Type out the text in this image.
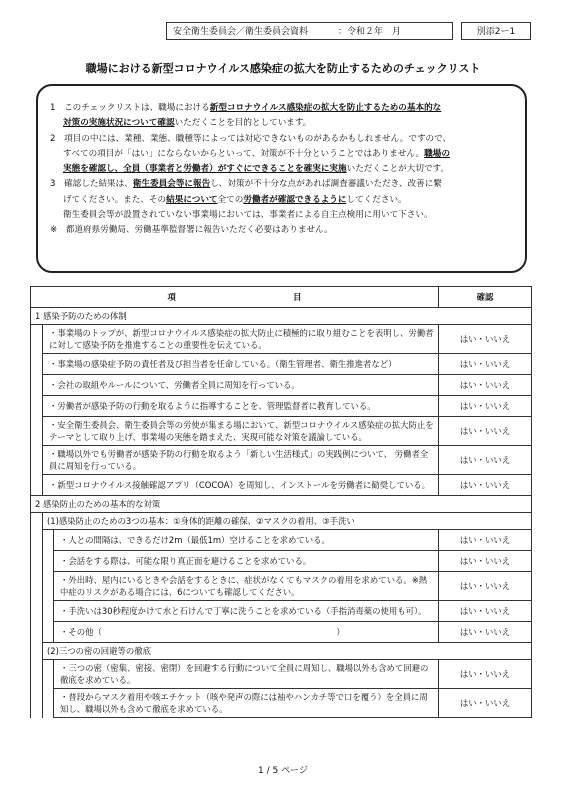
安全衛生委員会／衛生委員会資料	：令和２年　月	別添2ー1
職場における新型コロナウイルス感染症の拡大を防止するためのチェックリスト

1　 このチェックリストは、職場における新型コロナウイルス感染症の拡大を防止するための基本的な

対策の実施状況について確認いただくことを目的としています。

2　 項目の中には、業種、業態、職種等によっては対応できないものがあるかもしれません。ですので、

すべての項目が「はい」にならないからといって、対策が不十分ということではありません。職場の

実態を確認し、全員（事業者と労働者）がすぐにできることを確実に実施いただくことが大切です。

3　 確認した結果は、衛生委員会等に報告し、対策が不十分な点があれば調査審議いただき、改善に繋

げてください。また、その結果について全ての労働者が確認できるようにしてください。

衛生委員会等が設置されていない事業場においては、事業者による自主点検用に用いて下さい。

※　 都道府県労働局、労働基準監督署に報告いただく必要はありません。

項　　　　　　　　　　　　　　目			確認
1 感染予防のための体制			
	・事業場のトップが、新型コロナウイルス感染症の拡大防止に積極的に取り組むことを表明し、労働者に対して感染予防を推進することの重要性を伝えている。		はい・いいえ
	・事業場の感染症予防の責任者及び担当者を任命している。（衛生管理者、衛生推進者など）		はい・いいえ
	・会社の取組やルールについて、労働者全員に周知を行っている。		はい・いいえ
	・労働者が感染予防の行動を取るように指導することを、管理監督者に教育している。		はい・いいえ
	・安全衛生委員会、衛生委員会等の労使が集まる場において、新型コロナウイルス感染症の拡大防止をテーマとして取り上げ、事業場の実態を踏まえた、実現可能な対策を議論している。		はい・いいえ
	・職場以外でも労働者が感染予防の行動を取るよう「新しい生活様式」の実践例について、 労働者全員に周知を行っている。		はい・いいえ
	・新型コロナウイルス接触確認アプリ（COCOA）を周知し、インストールを労働者に勧奨している。		はい・いいえ
2 感染防止のための基本的な対策			
	(1)感染防止のための3つの基本：①身体的距離の確保、②マスクの着用、③手洗い		
		・人との間隔は、できるだけ2m（最低1m）空けることを求めている。	はい・いいえ
		・会話をする際は、可能な限り真正面を避けることを求めている。	はい・いいえ
		・外出時、屋内にいるときや会話をするときに、症状がなくてもマスクの着用を求めている。※熱中症のリスクがある場合には、6についても確認してください。	はい・いいえ
		・手洗いは30秒程度かけて水と石けんで丁寧に洗うことを求めている（手指消毒薬の使用も可）。	はい・いいえ
		・その他（　　　　　　　　　　　　　　　　　　　　　　　　　　　　）	はい・いいえ
	(2)三つの密の回避等の徹底		
		・三つの密（密集、密接、密閉）を回避する行動について全員に周知し、職場以外も含めて回避の徹底を求めている。	はい・いいえ
		・普段からマスク着用や咳エチケット（咳や発声の際には袖やハンカチ等で口を覆う）を全員に周知し、職場以外も含めて徹底を求めている。	はい・いいえ
1 / 5 ページ
